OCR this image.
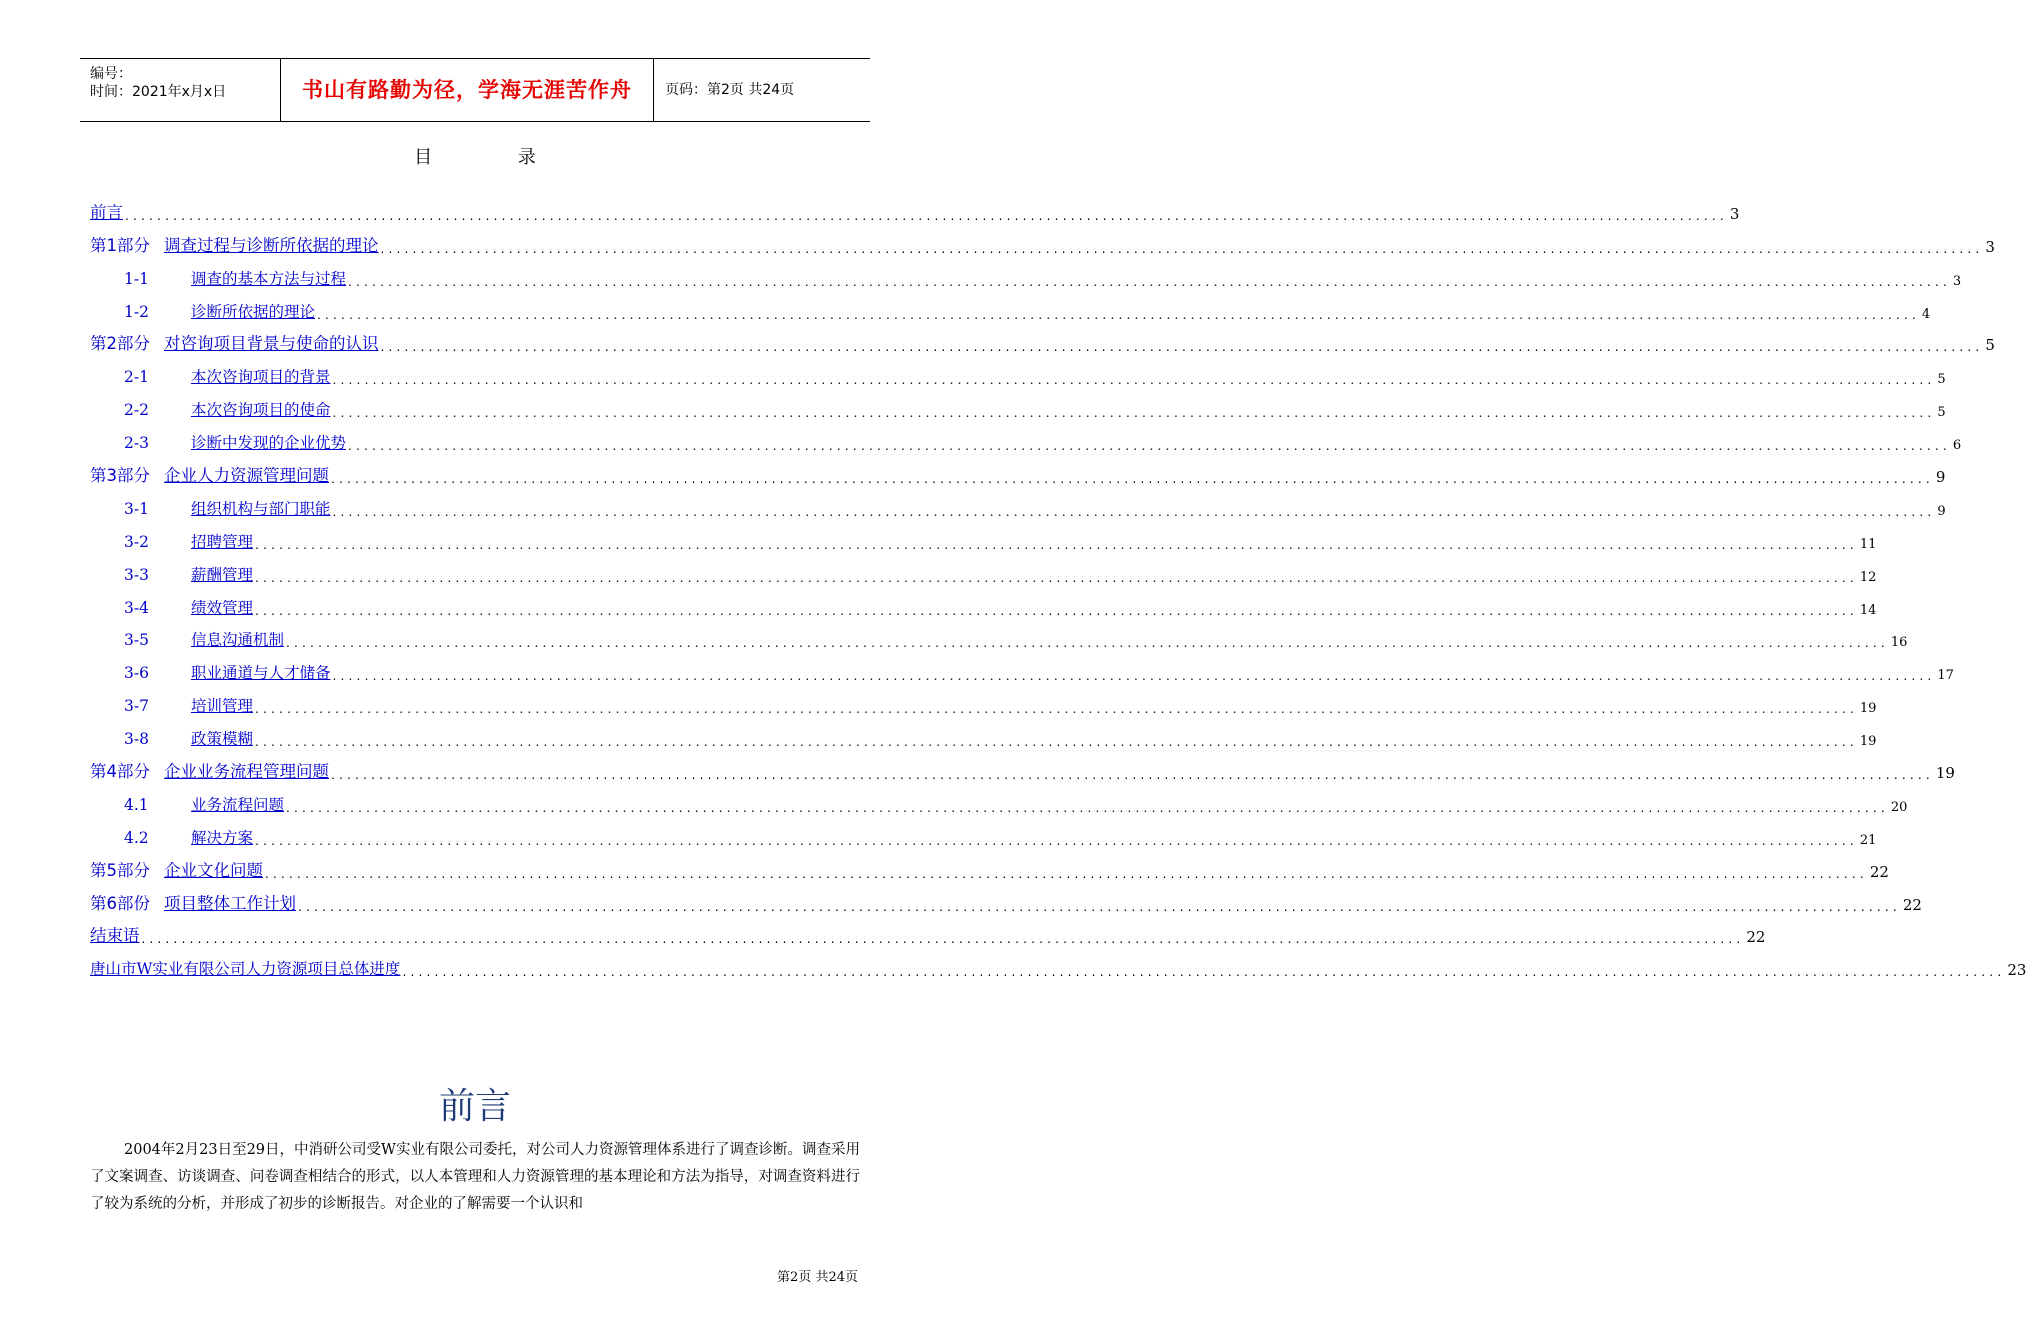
编号：
时间：2021年x月x日	书山有路勤为径，学海无涯苦作舟	页码：第2页 共24页
目 录
前言 ........................................................................................................................................................................................................ 3
第1部分 调查过程与诊断所依据的理论 ........................................................................................................................................................................................................ 3
1-1	调查的基本方法与过程 ........................................................................................................................................................................................................ 3
1-2	诊断所依据的理论 ........................................................................................................................................................................................................ 4
第2部分 对咨询项目背景与使命的认识 ........................................................................................................................................................................................................ 5
2-1	本次咨询项目的背景 ........................................................................................................................................................................................................ 5
2-2	本次咨询项目的使命 ........................................................................................................................................................................................................ 5
2-3	诊断中发现的企业优势 ........................................................................................................................................................................................................ 6
第3部分 企业人力资源管理问题 ........................................................................................................................................................................................................ 9
3-1	组织机构与部门职能 ........................................................................................................................................................................................................ 9
3-2	招聘管理 ........................................................................................................................................................................................................ 11
3-3	薪酬管理 ........................................................................................................................................................................................................ 12
3-4	绩效管理 ........................................................................................................................................................................................................ 14
3-5	信息沟通机制 ........................................................................................................................................................................................................ 16
3-6	职业通道与人才储备 ........................................................................................................................................................................................................ 17
3-7	培训管理 ........................................................................................................................................................................................................ 19
3-8	政策模糊 ........................................................................................................................................................................................................ 19
第4部分 企业业务流程管理问题 ........................................................................................................................................................................................................ 19
4.1	业务流程问题 ........................................................................................................................................................................................................ 20
4.2	解决方案 ........................................................................................................................................................................................................ 21
第5部分 企业文化问题 ........................................................................................................................................................................................................ 22
第6部份 项目整体工作计划 ........................................................................................................................................................................................................ 22
结束语 ........................................................................................................................................................................................................ 22
唐山市W实业有限公司人力资源项目总体进度 ........................................................................................................................................................................................................ 23
前言

2004年2月23日至29日，中消研公司受W实业有限公司委托，对公司人力资源管理体系进行了调查诊断。调查采用了文案调查、访谈调查、问卷调查相结合的形式，以人本管理和人力资源管理的基本理论和方法为指导，对调查资料进行了较为系统的分析，并形成了初步的诊断报告。对企业的了解需要一个认识和

第2页 共24页
